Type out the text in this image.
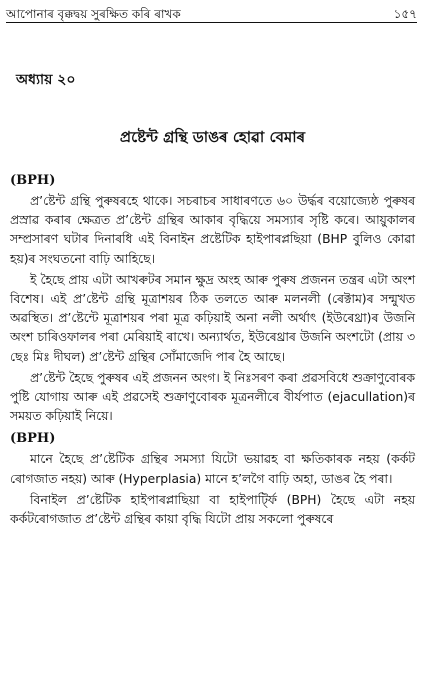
আপোনাৰ বৃক্কদ্বয় সুৰক্ষিত কৰি ৰাখক	১৫৭
অধ্যায় ২০
প্ৰষ্টেন্ট গ্ৰন্থি ডাঙৰ হোৱা বেমাৰ

(BPH)

প্ৰ’ষ্টেন্ট গ্ৰন্থি পুৰুষৰহে থাকে। সচৰাচৰ সাধাৰণতে ৬০ উৰ্দ্ধৰ বয়োজ্যেষ্ঠ পুৰুষৰ প্ৰস্ৰাৱ কৰাৰ ক্ষেত্ৰত প্ৰ’ষ্টেন্ট গ্ৰন্থিৰ আকাৰ বৃদ্ধিয়ে সমস্যাৰ সৃষ্টি কৰে। আয়ুকালৰ সম্প্ৰসাৰণ ঘটাৰ দিনাৰধি এই বিনাইন প্ৰষ্টেটিক হাইপাৰপ্লছিয়া (BHP বুলিও কোৱা হয়)ৰ সংঘতনো বাঢ়ি আহিছে।

ই হৈছে প্ৰায় এটা আখৰুটৰ সমান ক্ষুদ্ৰ অংহ আৰু পুৰুষ প্ৰজনন তন্ত্ৰৰ এটা অংশ বিশেষ। এই প্ৰ’ষ্টেন্ট গ্ৰন্থি মূত্ৰাশয়ৰ ঠিক তলতে আৰু মলনলী (ৰেক্টাম)ৰ সন্মুখত অৱস্থিত। প্ৰ’ষ্টেন্টে মূত্ৰাশয়ৰ পৰা মূত্ৰ কঢ়িয়াই অনা নলী অৰ্থাৎ (ইউৰেথ্ৰা)ৰ উজনি অংশ চাৰিওফালৰ পৰা মেৰিয়াই ৰাখে। অন্যাৰ্থত, ইউৰেথ্ৰাৰ উজনি অংশটো (প্ৰায় ৩ ছেঃ মিঃ দীঘল) প্ৰ’ষ্টেন্ট গ্ৰন্থিৰ সোঁমাজেদি পাৰ হৈ আছে।

প্ৰ’ষ্টেন্ট হৈছে পুৰুষৰ এই প্ৰজনন অংগ। ই নিঃসৰণ কৰা প্ৰৱসবিধে শুক্ৰাণুবোৰক পুষ্টি যোগায় আৰু এই প্ৰৱসেই শুক্ৰাণুবোৰক মূত্ৰনলীৰে বীৰ্যপাত (ejacullation)ৰ সময়ত কঢ়িয়াই নিয়ে।

(BPH)

মানে হৈছে প্ৰ’ষ্টেটিক গ্ৰন্থিৰ সমস্যা যিটো ভয়াৱহ বা ক্ষতিকাৰক নহয় (কৰ্কট ৰোগজাত নহয়) আৰু (Hyperplasia) মানে হ’লগৈ বাঢ়ি অহা, ডাঙৰ হৈ পৰা।

বিনাইল প্ৰ’ষ্টেটিক হাইপাৰপ্লাছিয়া বা হাইপাৰ্ট্ফি (BPH) হৈছে এটা নহয় কৰ্কটৰোগজাত প্ৰ’ষ্টেন্ট গ্ৰন্থিৰ কায়া বৃদ্ধি যিটো প্ৰায় সকলো পুৰুষৰে
